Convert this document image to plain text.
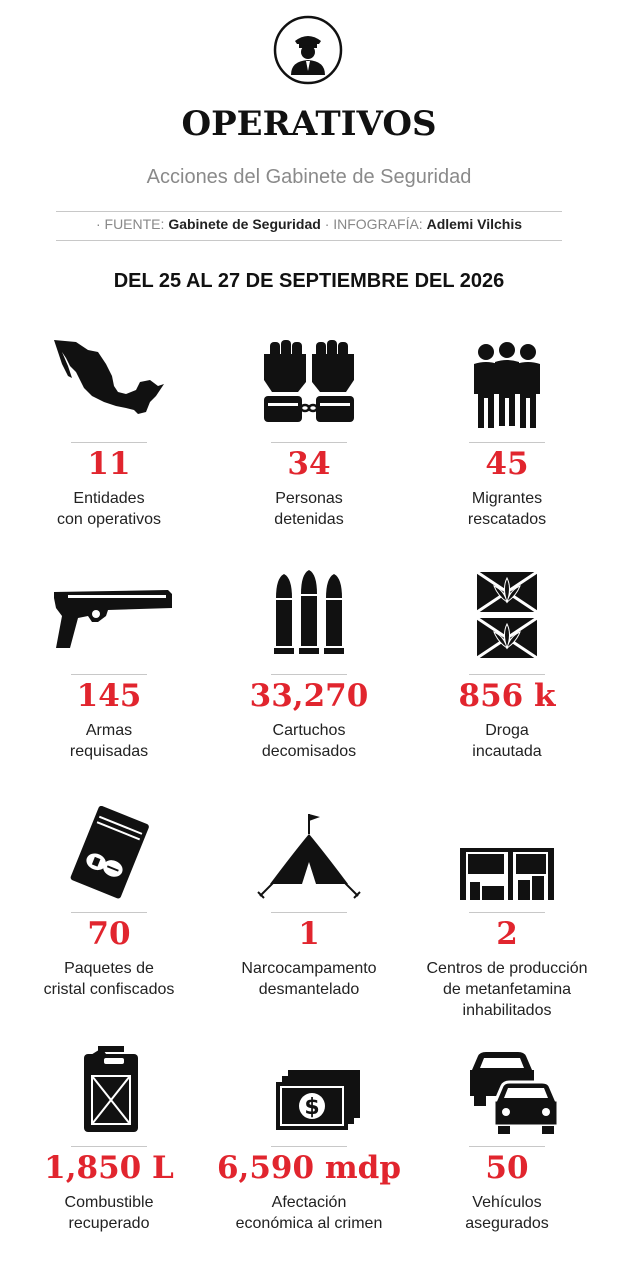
OPERATIVOS
Acciones del Gabinete de Seguridad
· FUENTE: Gabinete de Seguridad · INFOGRAFÍA: Adlemi Vilchis
DEL 25 AL 27 DE SEPTIEMBRE DEL 2026
11
Entidades
con operativos
34
Personas
detenidas
45
Migrantes
rescatados
145
Armas
requisadas
33,270
Cartuchos
decomisados
856 k
Droga
incautada
70
Paquetes de
cristal confiscados
1
Narcocampamento
desmantelado
2
Centros de producción
de metanfetamina
inhabilitados
1,850 L
Combustible
recuperado
$
6,590 mdp
Afectación
económica al crimen
50
Vehículos
asegurados
